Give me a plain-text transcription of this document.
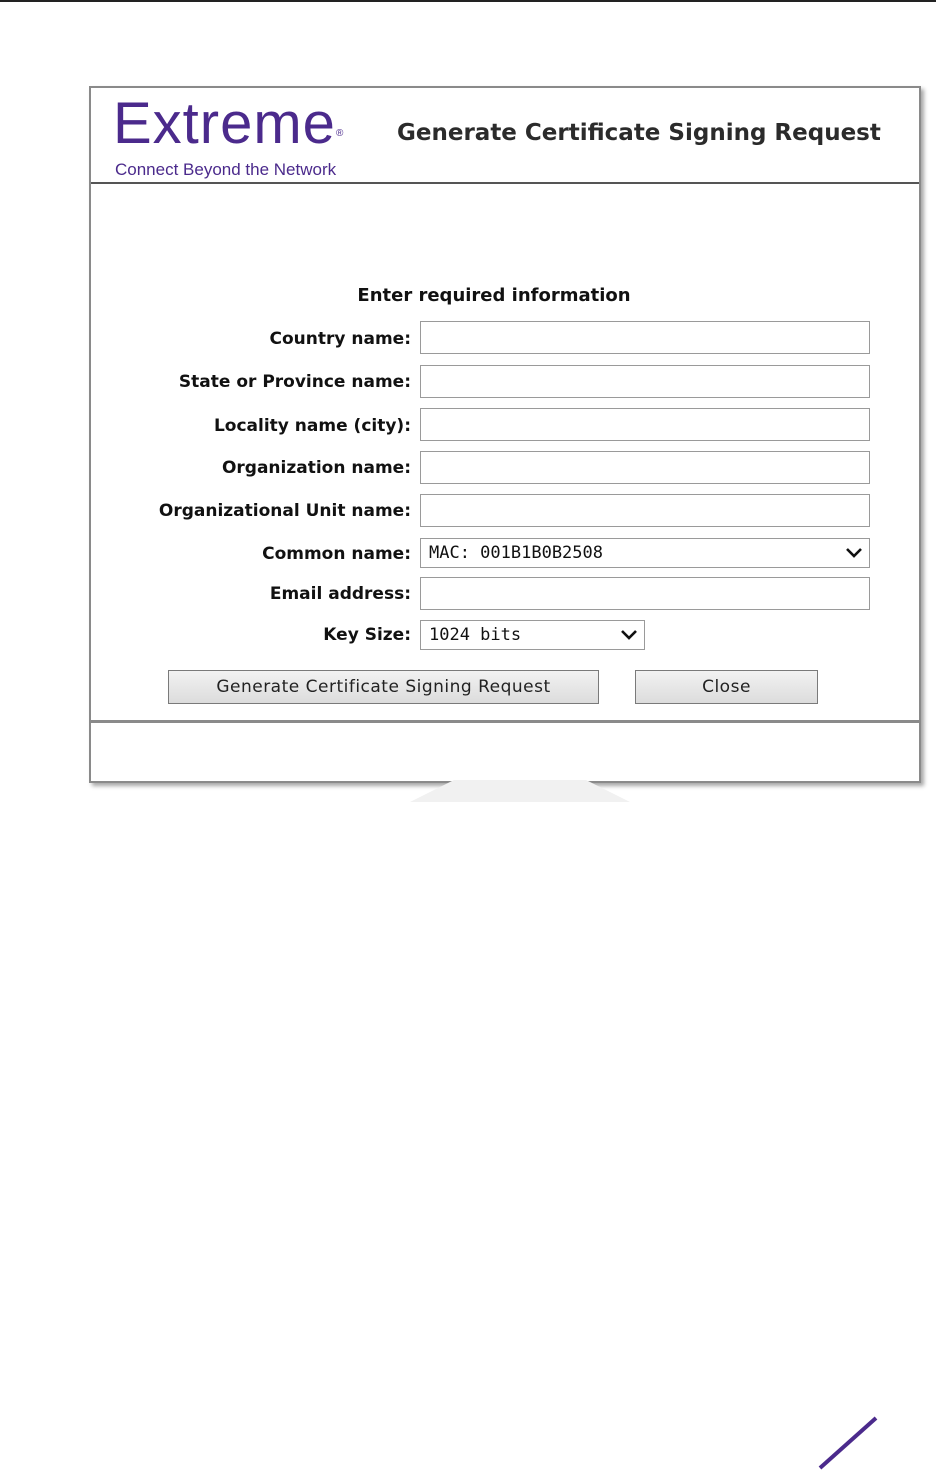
Extreme®
Connect Beyond the Network
Generate Certificate Signing Request
Enter required information
Country name:
State or Province name:
Locality name (city):
Organization name:
Organizational Unit name:
Common name:	MAC: 001B1B0B2508
Email address:
Key Size:	1024 bits
Generate Certificate Signing Request	Close
